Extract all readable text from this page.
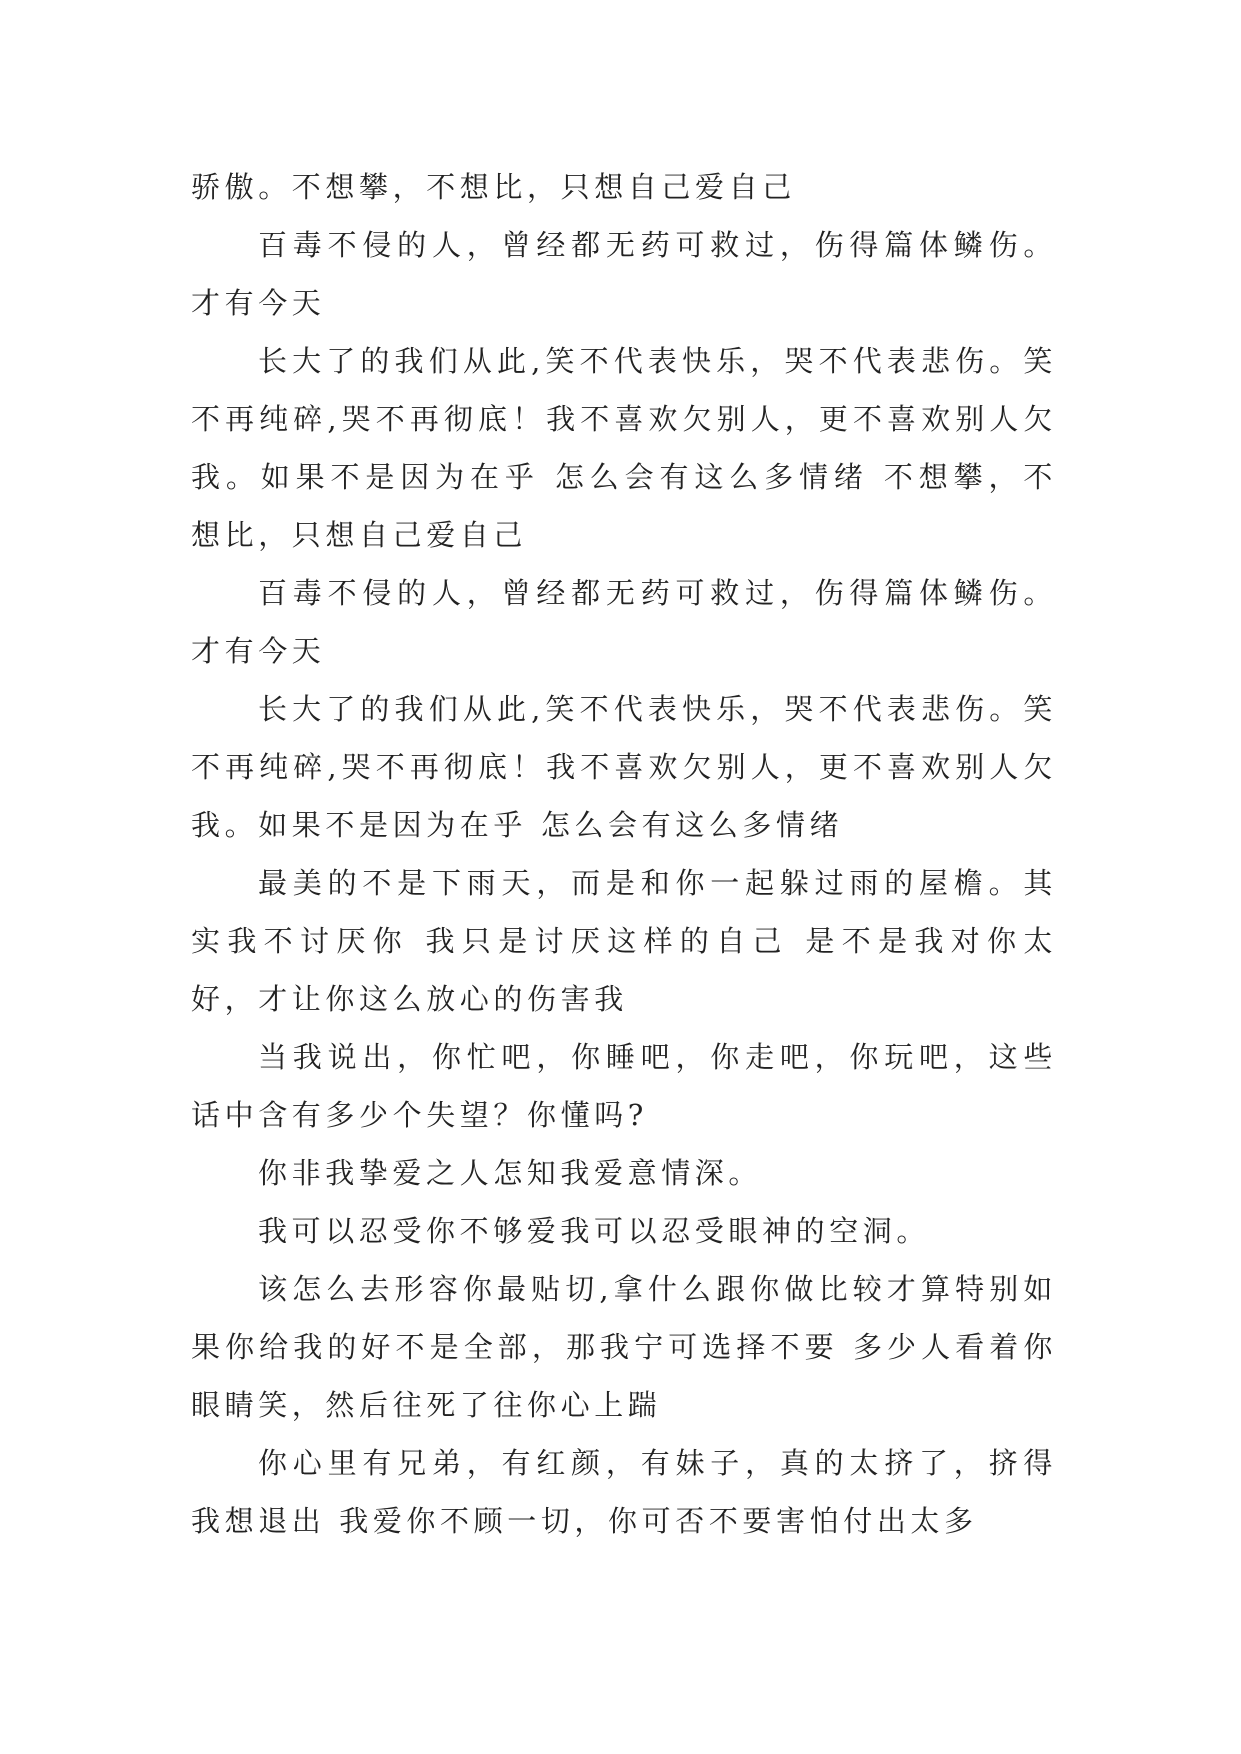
骄傲。不想攀，不想比，只想自己爱自己

百毒不侵的人，曾经都无药可救过，伤得篇体鳞伤。才有今天

长大了的我们从此,笑不代表快乐，哭不代表悲伤。笑不再纯碎,哭不再彻底！我不喜欢欠别人，更不喜欢别人欠我。如果不是因为在乎 怎么会有这么多情绪 不想攀，不想比，只想自己爱自己

百毒不侵的人，曾经都无药可救过，伤得篇体鳞伤。才有今天

长大了的我们从此,笑不代表快乐，哭不代表悲伤。笑不再纯碎,哭不再彻底！我不喜欢欠别人，更不喜欢别人欠我。如果不是因为在乎 怎么会有这么多情绪

最美的不是下雨天，而是和你一起躲过雨的屋檐。其实我不讨厌你 我只是讨厌这样的自己 是不是我对你太好，才让你这么放心的伤害我

当我说出，你忙吧，你睡吧，你走吧，你玩吧，这些话中含有多少个失望？你懂吗?

你非我挚爱之人怎知我爱意情深。

我可以忍受你不够爱我可以忍受眼神的空洞。

该怎么去形容你最贴切,拿什么跟你做比较才算特别如果你给我的好不是全部，那我宁可选择不要 多少人看着你眼睛笑，然后往死了往你心上踹

你心里有兄弟，有红颜，有妹子，真的太挤了，挤得我想退出 我爱你不顾一切，你可否不要害怕付出太多
